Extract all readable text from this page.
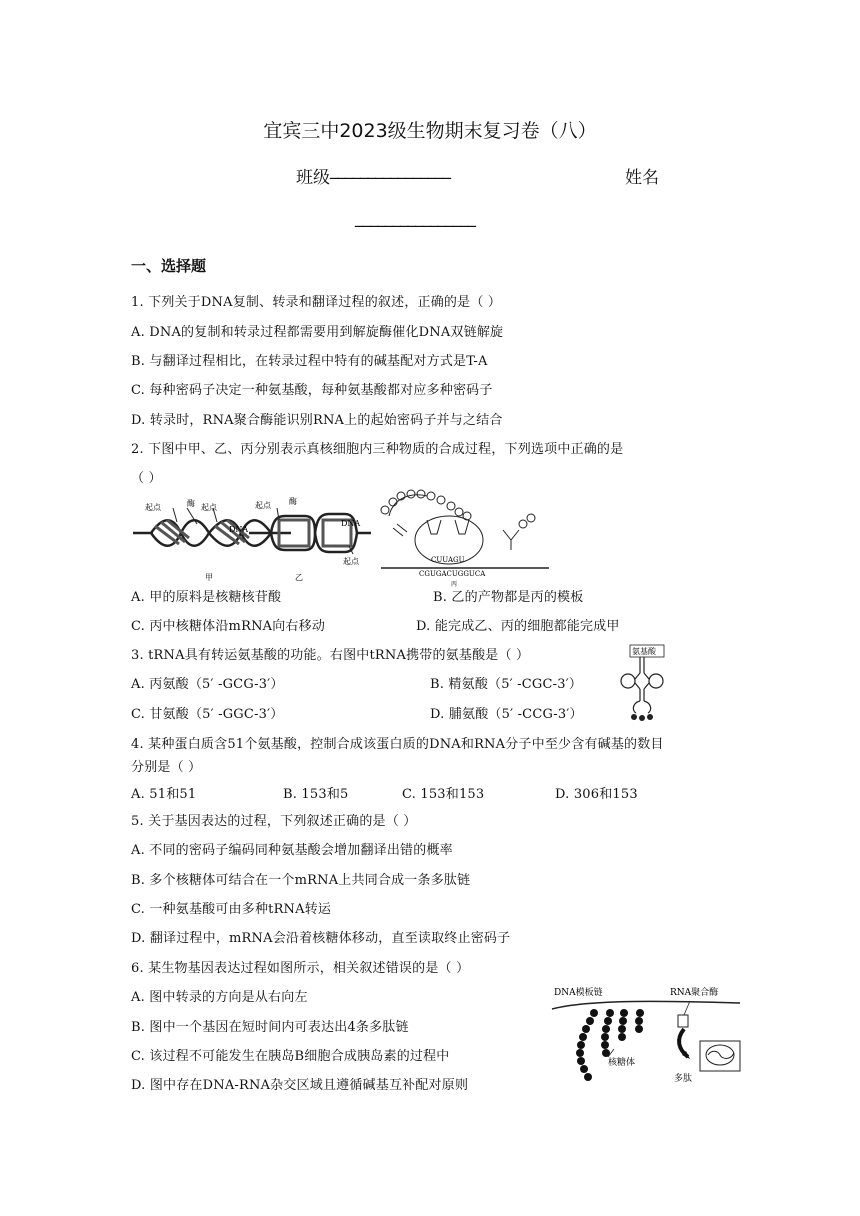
宜宾三中2023级生物期末复习卷（八）
班级 ________________	姓名
________________
一、选择题
1. 下列关于DNA复制、转录和翻译过程的叙述，正确的是（ ）
A. DNA的复制和转录过程都需要用到解旋酶催化DNA双链解旋
B. 与翻译过程相比，在转录过程中特有的碱基配对方式是T-A
C. 每种密码子决定一种氨基酸，每种氨基酸都对应多种密码子
D. 转录时，RNA聚合酶能识别RNA上的起始密码子并与之结合
2. 下图中甲、乙、丙分别表示真核细胞内三种物质的合成过程，下列选项中正确的是
（ ）
起点	起点
酶
DNA
甲
起点 酶
DNA
起点
乙
CUUAGU
CGUGACUGGUCA
丙
A. 甲的原料是核糖核苷酸	B. 乙的产物都是丙的模板
C. 丙中核糖体沿mRNA向右移动	D. 能完成乙、丙的细胞都能完成甲
3. tRNA具有转运氨基酸的功能。右图中tRNA携带的氨基酸是（ ）
A. 丙氨酸（5′ -GCG-3′）	B. 精氨酸（5′ -CGC-3′）
C. 甘氨酸（5′ -GGC-3′）	D. 脯氨酸（5′ -CCG-3′）
氨基酸
4. 某种蛋白质含51个氨基酸，控制合成该蛋白质的DNA和RNA分子中至少含有碱基的数目
分别是（ ）
A. 51和51	B. 153和5	C. 153和153	D. 306和153
5. 关于基因表达的过程，下列叙述正确的是（ ）
A. 不同的密码子编码同种氨基酸会增加翻译出错的概率
B. 多个核糖体可结合在一个mRNA上共同合成一条多肽链
C. 一种氨基酸可由多种tRNA转运
D. 翻译过程中，mRNA会沿着核糖体移动，直至读取终止密码子
6. 某生物基因表达过程如图所示，相关叙述错误的是（ ）
A. 图中转录的方向是从右向左
B. 图中一个基因在短时间内可表达出4条多肽链
C. 该过程不可能发生在胰岛B细胞合成胰岛素的过程中
D. 图中存在DNA-RNA杂交区域且遵循碱基互补配对原则
DNA模板链	RNA聚合酶
核糖体
多肽
